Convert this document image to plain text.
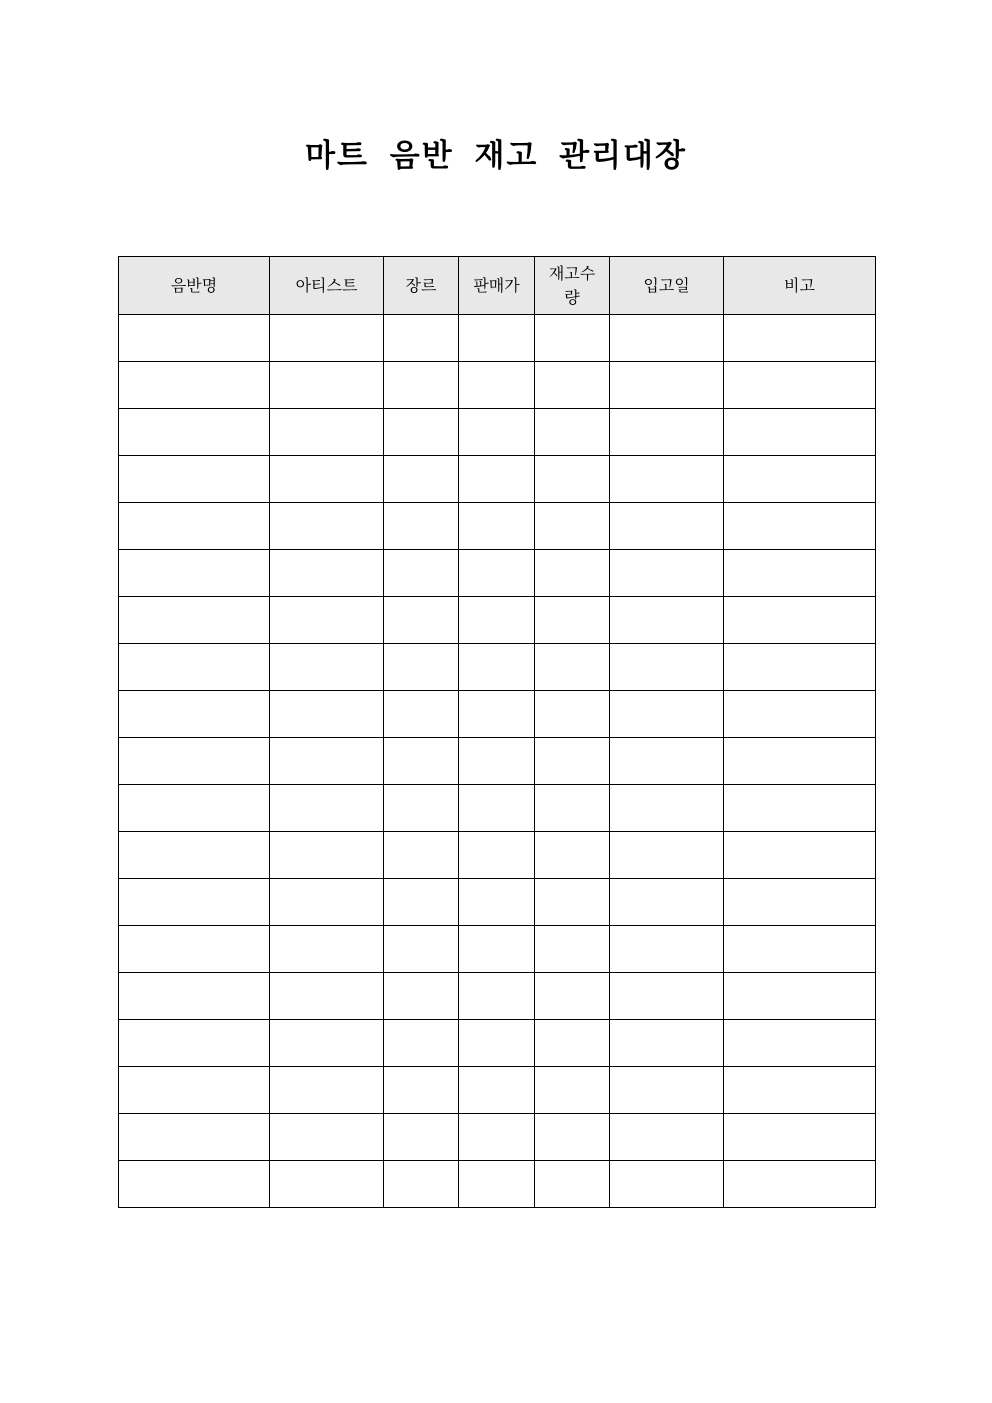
마트 음반 재고 관리대장
음반명	아티스트	장르	판매가	재고수량	입고일	비고
